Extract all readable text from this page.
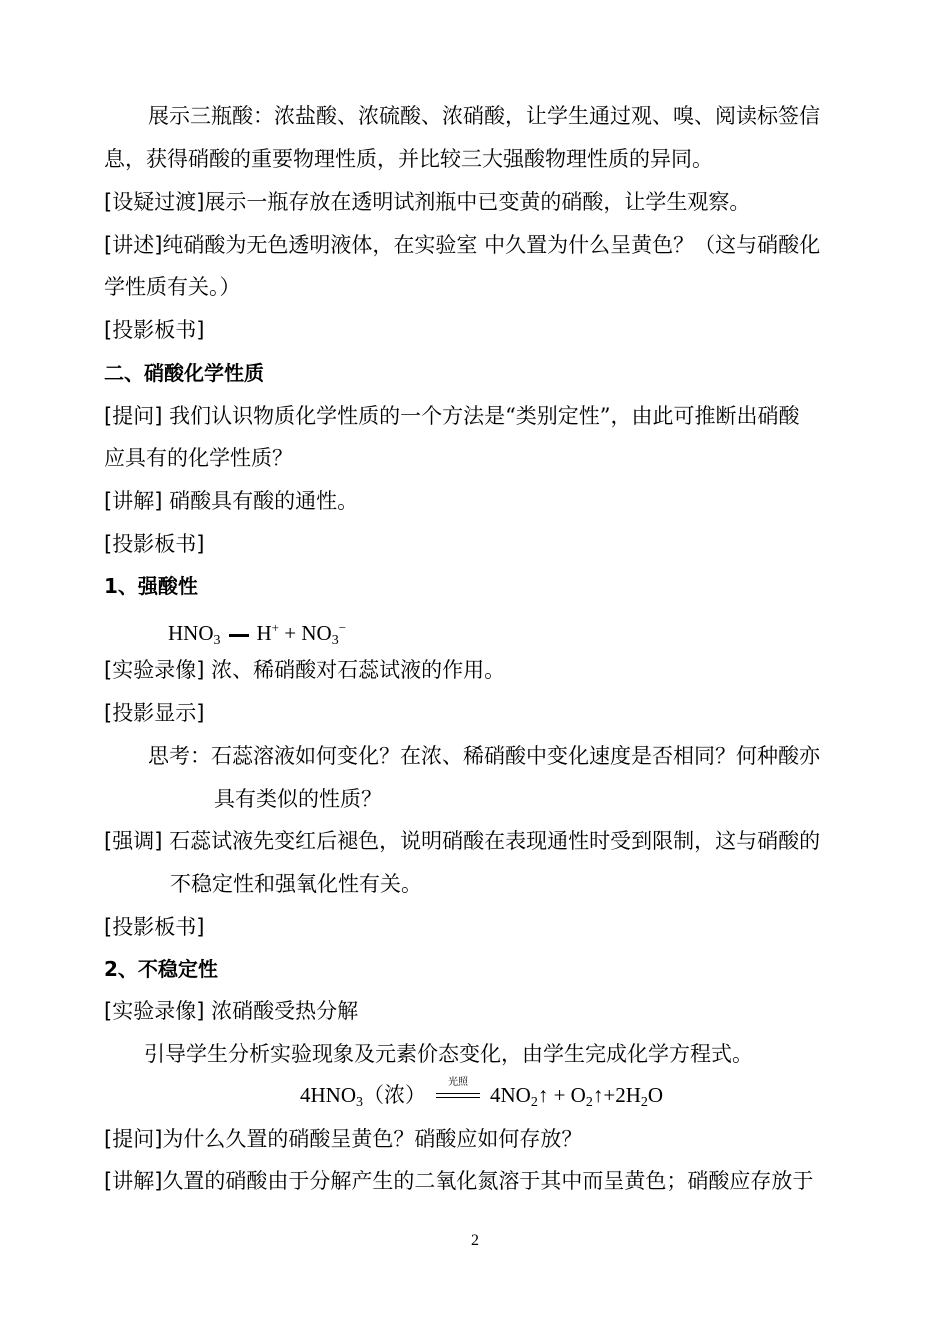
展示三瓶酸：浓盐酸、浓硫酸、浓硝酸，让学生通过观、嗅、阅读标签信
息，获得硝酸的重要物理性质，并比较三大强酸物理性质的异同。
[设疑过渡]展示一瓶存放在透明试剂瓶中已变黄的硝酸，让学生观察。
[讲述]纯硝酸为无色透明液体，在实验室 中久置为什么呈黄色？（这与硝酸化
学性质有关。）
[投影板书]
二、硝酸化学性质
[提问] 我们认识物质化学性质的一个方法是“类别定性”，由此可推断出硝酸
应具有的化学性质？
[讲解] 硝酸具有酸的通性。
[投影板书]
1、强酸性
$HNO_3$ $H^+ + NO_3^-$
[实验录像] 浓、稀硝酸对石蕊试液的作用。
[投影显示]
思考：石蕊溶液如何变化？在浓、稀硝酸中变化速度是否相同？何种酸亦
具有类似的性质？
[强调] 石蕊试液先变红后褪色，说明硝酸在表现通性时受到限制，这与硝酸的
不稳定性和强氧化性有关。
[投影板书]
2、不稳定性
[实验录像] 浓硝酸受热分解
引导学生分析实验现象及元素价态变化，由学生完成化学方程式。
$4HNO_3$（浓）
光照
$4NO_2↑$ + $O_2↑+2H_2O$
[提问]为什么久置的硝酸呈黄色？硝酸应如何存放？
[讲解]久置的硝酸由于分解产生的二氧化氮溶于其中而呈黄色；硝酸应存放于
2
